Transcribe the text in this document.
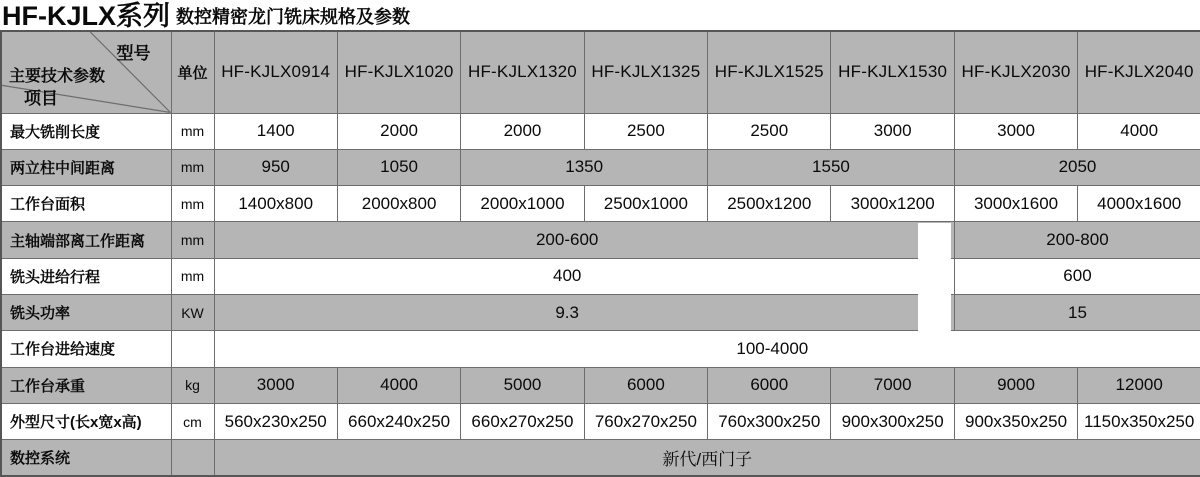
HF-KJLX系列 数控精密龙门铣床规格及参数
型号
主要技术参数
项目	单位	HF-KJLX0914	HF-KJLX1020	HF-KJLX1320	HF-KJLX1325	HF-KJLX1525	HF-KJLX1530	HF-KJLX2030	HF-KJLX2040
最大铣削长度	mm	1400	2000	2000	2500	2500	3000	3000	4000
两立柱中间距离	mm	950	1050	1350		1550		2050	
工作台面积	mm	1400x800	2000x800	2000x1000	2500x1000	2500x1200	3000x1200	3000x1600	4000x1600
主轴端部离工作距离	mm	200-600						200-800	
铣头进给行程	mm	400						600	
铣头功率	KW	9.3						15	
工作台进给速度		100-4000							
工作台承重	kg	3000	4000	5000	6000	6000	7000	9000	12000
外型尺寸(长x宽x高)	cm	560x230x250	660x240x250	660x270x250	760x270x250	760x300x250	900x300x250	900x350x250	1150x350x250
数控系统		新代/西门子							
